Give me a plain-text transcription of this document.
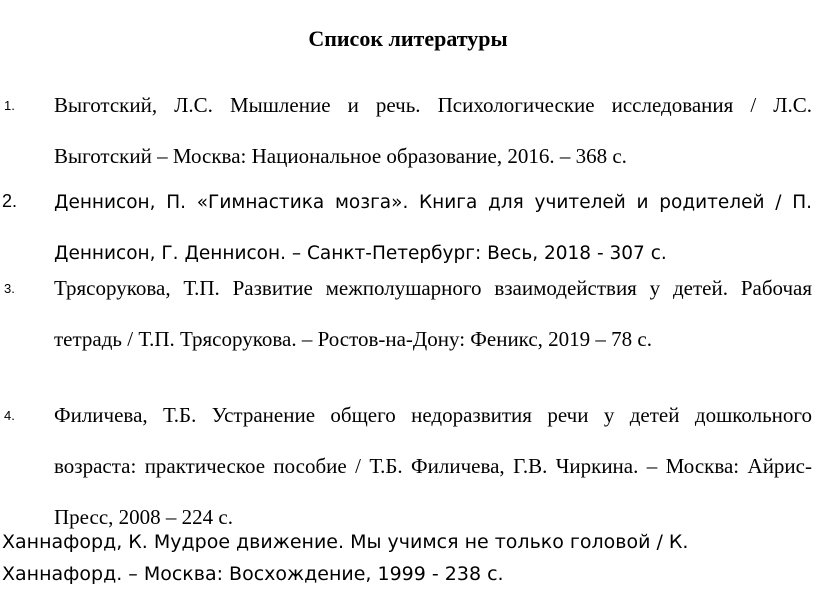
Список литературы
1. Выготский, Л.С. Мышление и речь. Психологические исследования / Л.С. Выготский – Москва: Национальное образование, 2016. – 368 с.
2. Деннисон, П. «Гимнастика мозга». Книга для учителей и родителей / П. Деннисон, Г. Деннисон. – Санкт-Петербург: Весь, 2018 - 307 с.
3. Трясорукова, Т.П. Развитие межполушарного взаимодействия у детей. Рабочая тетрадь / Т.П. Трясорукова. – Ростов-на-Дону: Феникс, 2019 – 78 с.
4. Филичева, Т.Б. Устранение общего недоразвития речи у детей дошкольного возраста: практическое пособие / Т.Б. Филичева, Г.В. Чиркина. – Москва: Айрис-Пресс, 2008 – 224 с.
Ханнафорд, К. Мудрое движение. Мы учимся не только головой / К. Ханнафорд. – Москва: Восхождение, 1999 - 238 с.
